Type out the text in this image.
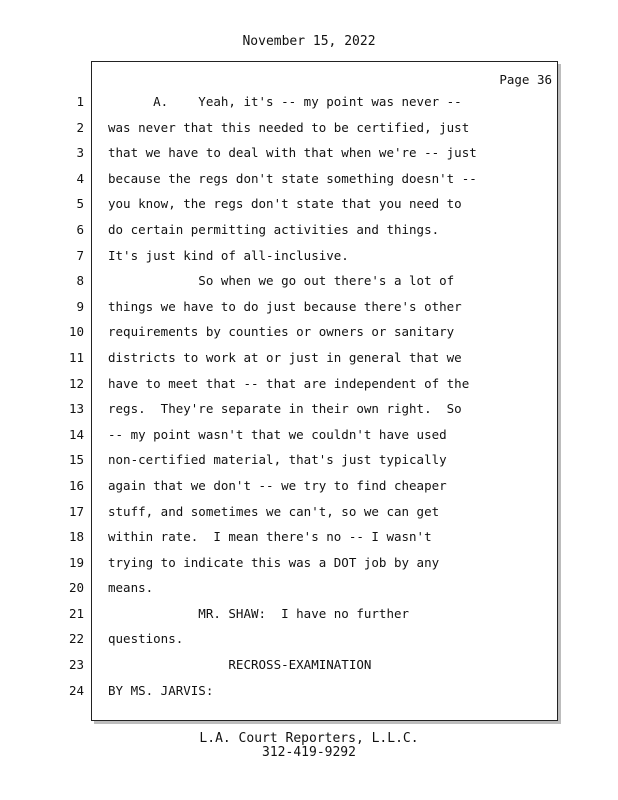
November 15, 2022
Page 36
1
2
3
4
5
6
7
8
9
10
11
12
13
14
15
16
17
18
19
20
21
22
23
24
A.    Yeah, it's -- my point was never --
was never that this needed to be certified, just
that we have to deal with that when we're -- just
because the regs don't state something doesn't --
you know, the regs don't state that you need to
do certain permitting activities and things.
It's just kind of all-inclusive.
So when we go out there's a lot of
things we have to do just because there's other
requirements by counties or owners or sanitary
districts to work at or just in general that we
have to meet that -- that are independent of the
regs.  They're separate in their own right.  So
-- my point wasn't that we couldn't have used
non-certified material, that's just typically
again that we don't -- we try to find cheaper
stuff, and sometimes we can't, so we can get
within rate.  I mean there's no -- I wasn't
trying to indicate this was a DOT job by any
means.
MR. SHAW:  I have no further
questions.
RECROSS-EXAMINATION
BY MS. JARVIS:
L.A. Court Reporters, L.L.C.
312-419-9292
